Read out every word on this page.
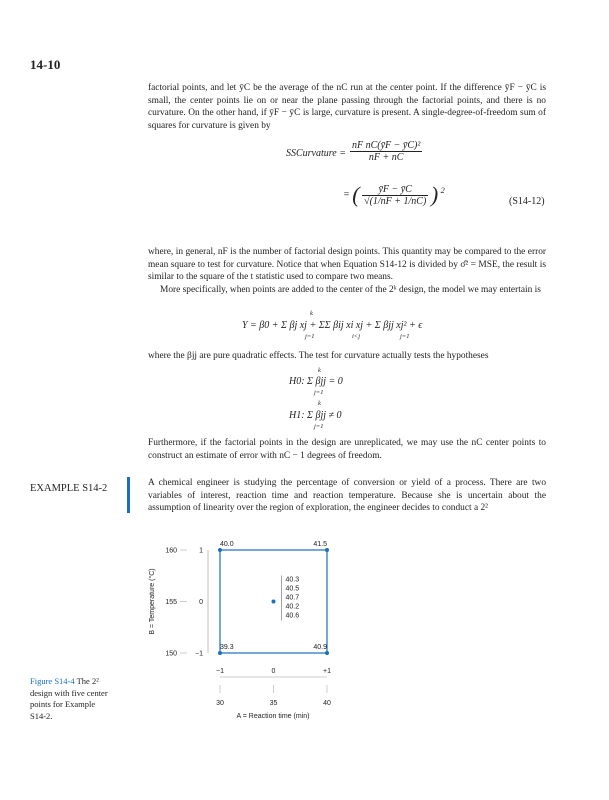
14-10

factorial points, and let ȳC be the average of the nC run at the center point. If the difference ȳF − ȳC is small, the center points lie on or near the plane passing through the factorial points, and there is no curvature. On the other hand, if ȳF − ȳC is large, curvature is present. A single-degree-of-freedom sum of squares for curvature is given by

SSCurvature = $\frac{\text{nF nC(ȳF − ȳC)²}}{nF + nC}$
= ( $\frac{ȳF - ȳC}{√(1/nF + 1/nC)}$ ) $^2$
(S14-12)

where, in general, nF is the number of factorial design points. This quantity may be compared to the error mean square to test for curvature. Notice that when Equation S14-12 is divided by σ̂² = MSE, the result is similar to the square of the t statistic used to compare two means.

More specifically, when points are added to the center of the 2ᵏ design, the model we may entertain is

Y = β0 + Σ βj xj + ΣΣ βij xi xj + Σ βjj xj² + ϵ
k
j=1	i<j	j=1

where the βjj are pure quadratic effects. The test for curvature actually tests the hypotheses

k
H0: Σ βjj = 0
j=1
k
H1: Σ βjj ≠ 0
j=1

Furthermore, if the factorial points in the design are unreplicated, we may use the nC center points to construct an estimate of error with nC − 1 degrees of freedom.

EXAMPLE S14-2	A chemical engineer is studying the percentage of conversion or yield of a process. There are two variables of interest, reaction time and reaction temperature. Because she is uncertain about the assumption of linearity over the region of exploration, the engineer decides to conduct a 2²

1
160
0
155
−1
150
−1
30
0
35
+1
40
A = Reaction time (min)
B = Temperature (°C)
40.0	41.5
39.3	40.9
40.3
40.5
40.7
40.2
40.6
Figure S14-4 The 2² design with five center points for Example S14-2.
